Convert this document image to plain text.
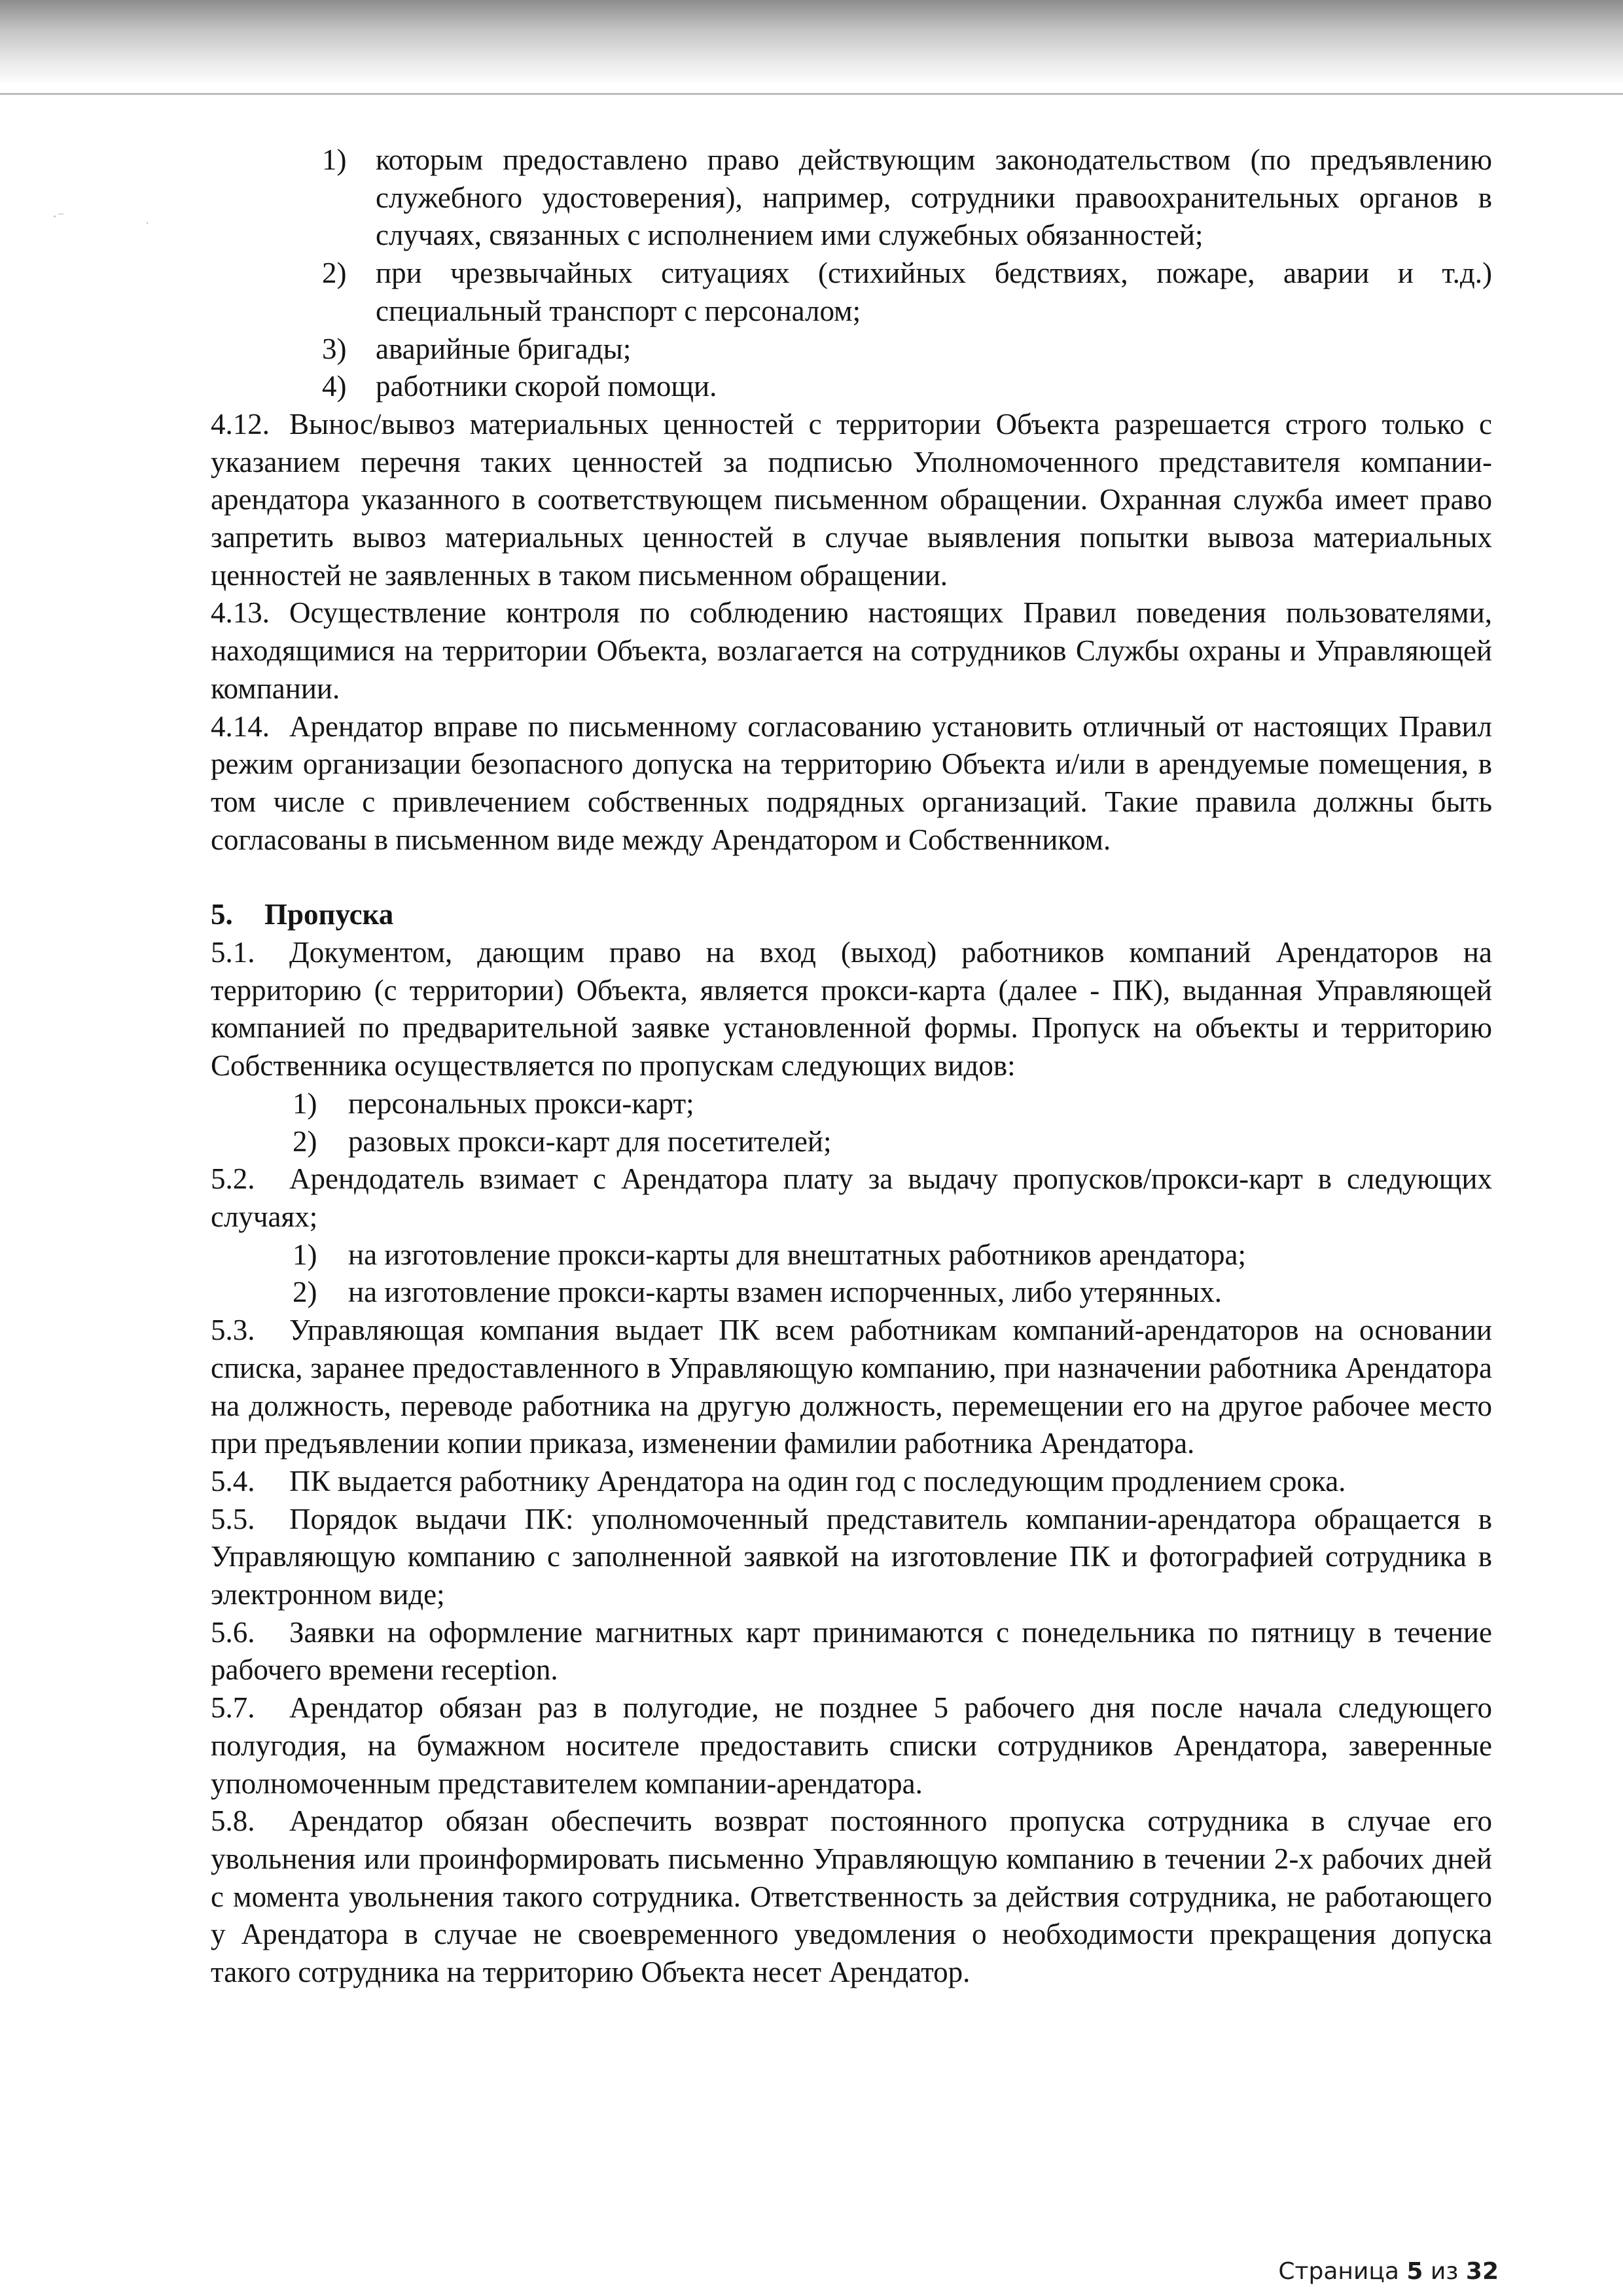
·⁻	ˑ
1) которым предоставлено право действующим законодательством (по предъявлению служебного удостоверения), например, сотрудники правоохранительных органов в случаях, связанных с исполнением ими служебных обязанностей;
2) при чрезвычайных ситуациях (стихийных бедствиях, пожаре, аварии и т.д.) специальный транспорт с персоналом;
3) аварийные бригады;
4) работники скорой помощи.

4.12. Вынос/вывоз материальных ценностей с территории Объекта разрешается строго только с указанием перечня таких ценностей за подписью Уполномоченного представителя компании-арендатора указанного в соответствующем письменном обращении. Охранная служба имеет право запретить вывоз материальных ценностей в случае выявления попытки вывоза материальных ценностей не заявленных в таком письменном обращении.

4.13. Осуществление контроля по соблюдению настоящих Правил поведения пользователями, находящимися на территории Объекта, возлагается на сотрудников Службы охраны и Управляющей компании.

4.14. Арендатор вправе по письменному согласованию установить отличный от настоящих Правил режим организации безопасного допуска на территорию Объекта и/или в арендуемые помещения, в том числе с привлечением собственных подрядных организаций. Такие правила должны быть согласованы в письменном виде между Арендатором и Собственником.

5. Пропуска

5.1. Документом, дающим право на вход (выход) работников компаний Арендаторов на территорию (с территории) Объекта, является прокси-карта (далее - ПК), выданная Управляющей компанией по предварительной заявке установленной формы. Пропуск на объекты и территорию Собственника осуществляется по пропускам следующих видов:

1)	персональных прокси-карт;
2)	разовых прокси-карт для посетителей;

5.2. Арендодатель взимает с Арендатора плату за выдачу пропусков/прокси-карт в следующих случаях;

1)	на изготовление прокси-карты для внештатных работников арендатора;
2)	на изготовление прокси-карты взамен испорченных, либо утерянных.

5.3. Управляющая компания выдает ПК всем работникам компаний-арендаторов на основании списка, заранее предоставленного в Управляющую компанию, при назначении работника Арендатора на должность, переводе работника на другую должность, перемещении его на другое рабочее место при предъявлении копии приказа, изменении фамилии работника Арендатора.

5.4. ПК выдается работнику Арендатора на один год с последующим продлением срока.

5.5. Порядок выдачи ПК: уполномоченный представитель компании-арендатора обращается в Управляющую компанию с заполненной заявкой на изготовление ПК и фотографией сотрудника в электронном виде;

5.6. Заявки на оформление магнитных карт принимаются с понедельника по пятницу в течение рабочего времени reception.

5.7. Арендатор обязан раз в полугодие, не позднее 5 рабочего дня после начала следующего полугодия, на бумажном носителе предоставить списки сотрудников Арендатора, заверенные уполномоченным представителем компании-арендатора.

5.8. Арендатор обязан обеспечить возврат постоянного пропуска сотрудника в случае его увольнения или проинформировать письменно Управляющую компанию в течении 2-х рабочих дней с момента увольнения такого сотрудника. Ответственность за действия сотрудника, не работающего у Арендатора в случае не своевременного уведомления о необходимости прекращения допуска такого сотрудника на территорию Объекта несет Арендатор.

Страница 5 из 32
